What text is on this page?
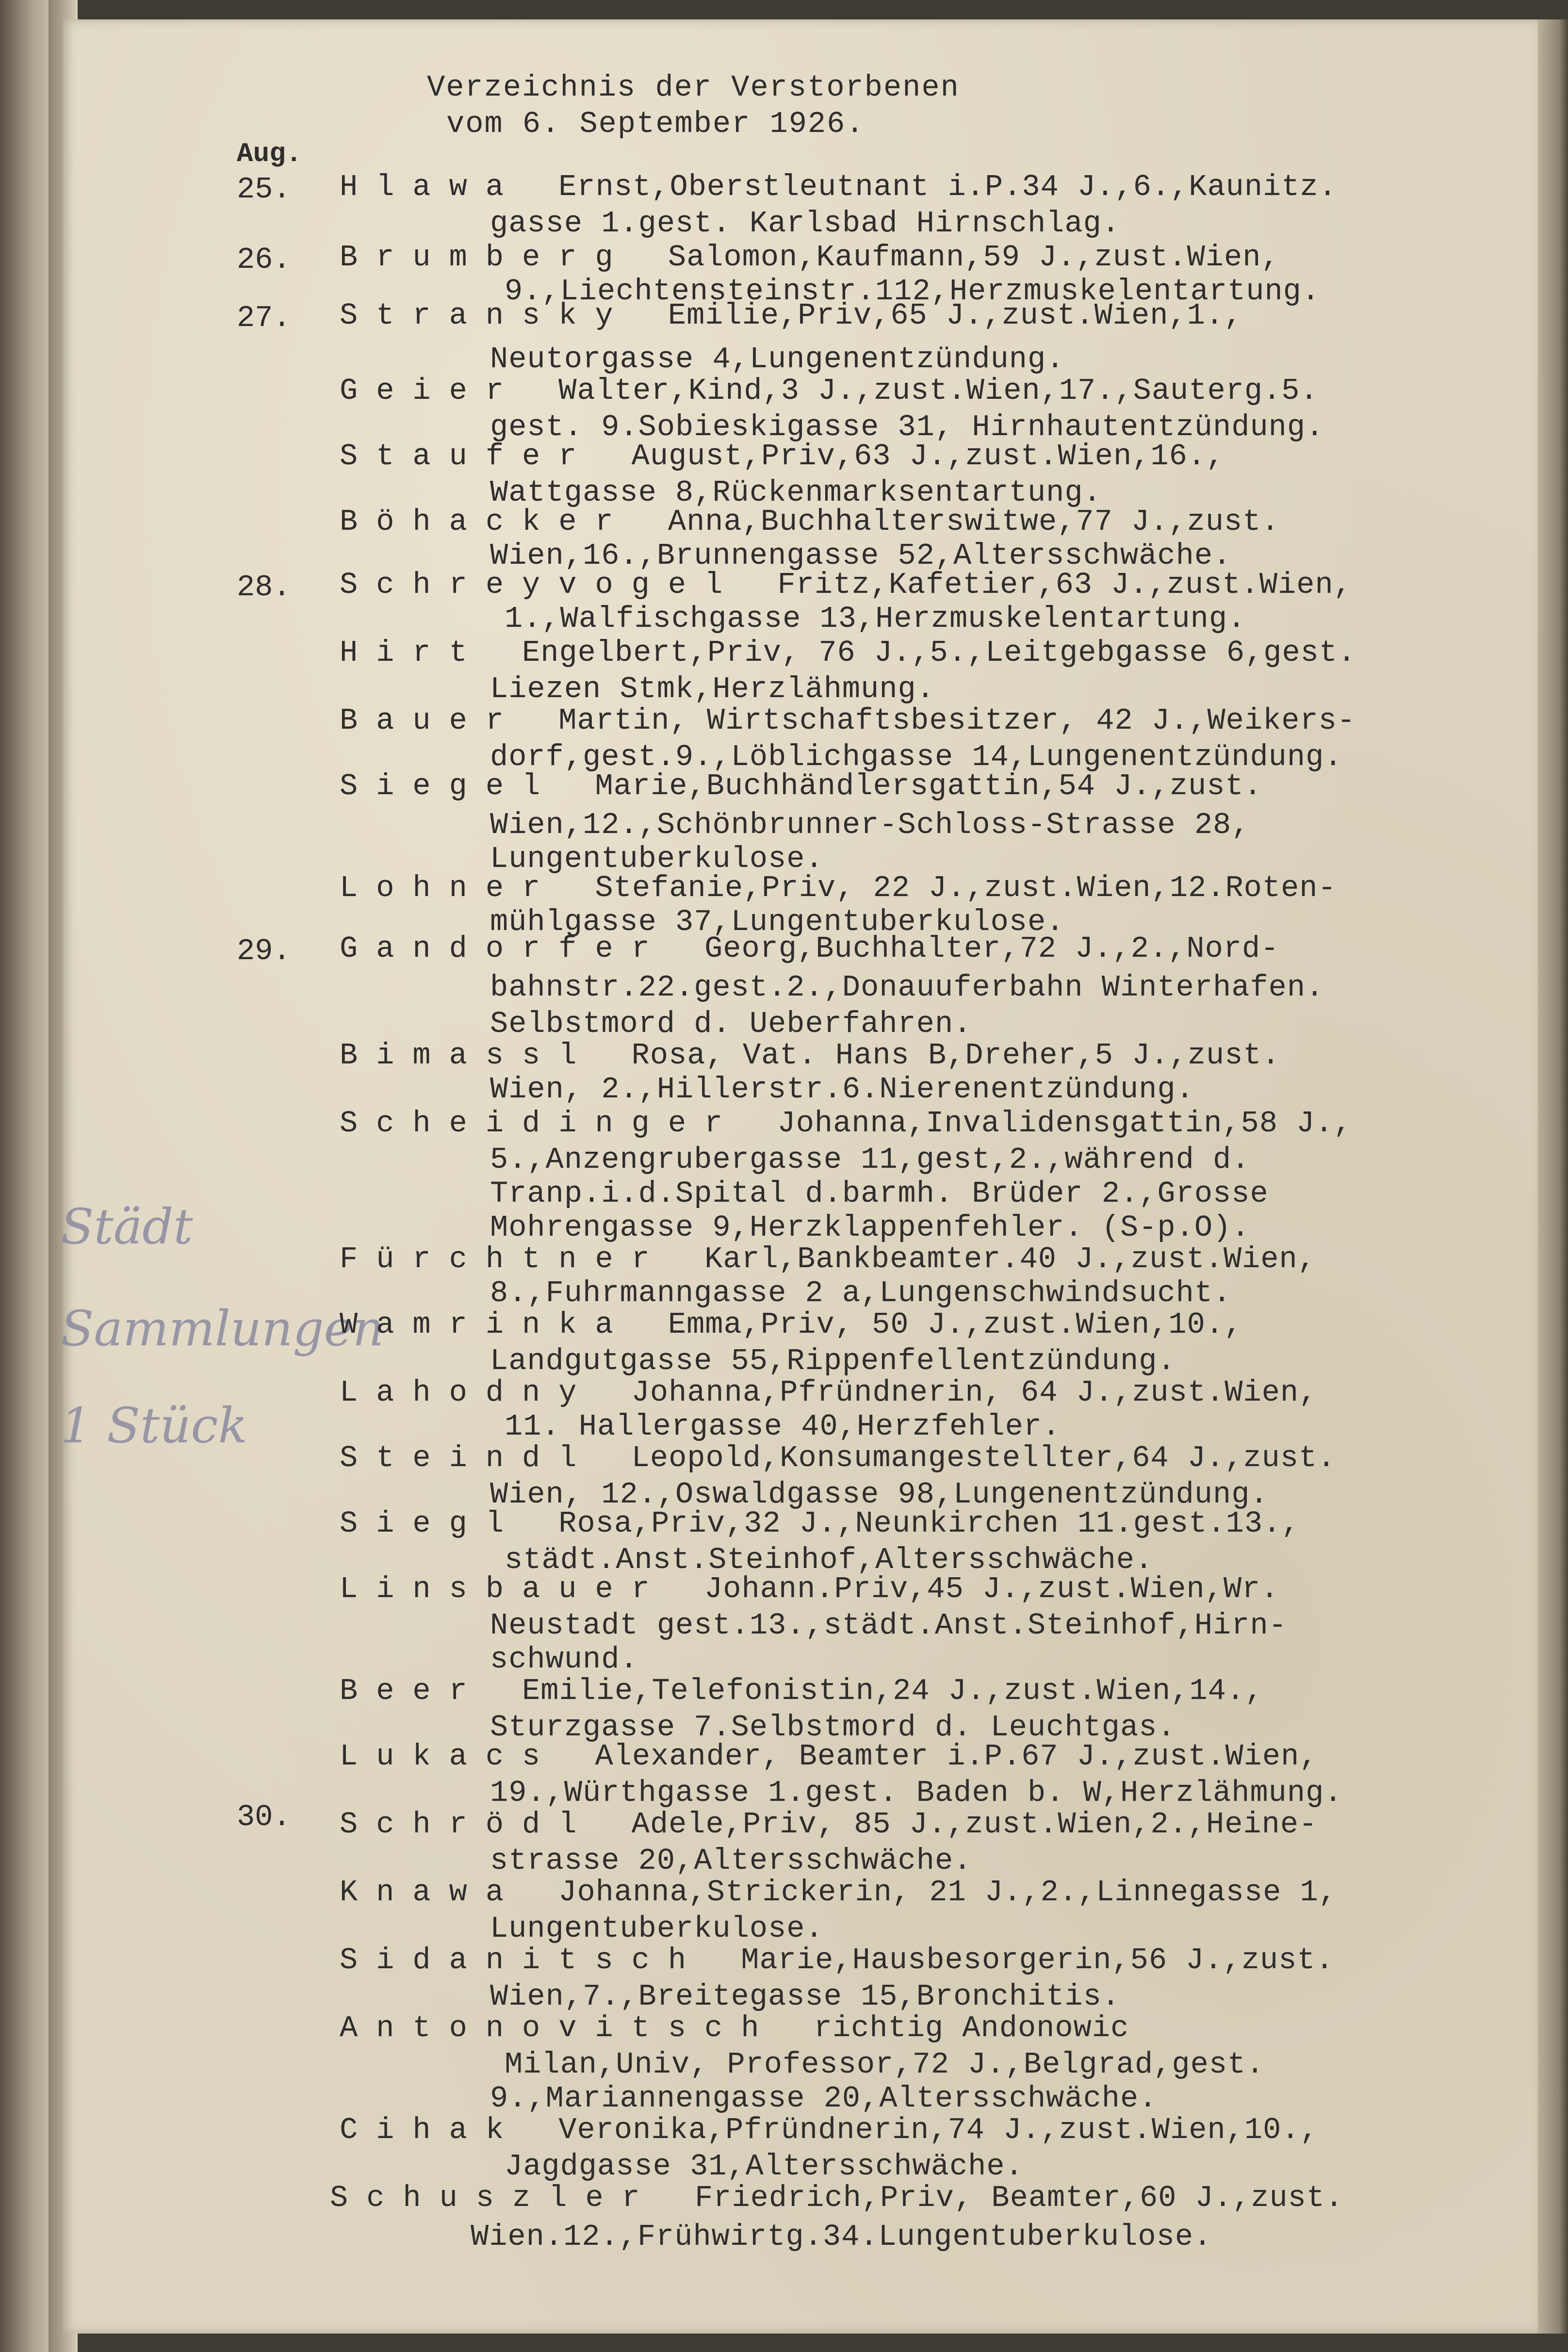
Städt
Sammlungen
1 Stück
Verzeichnis der Verstorbenen
vom 6. September 1926.
Aug.
25.
26.
27.
28.
29.
30.
Hlawa Ernst,Oberstleutnant i.P.34 J.,6.,Kaunitz.
gasse 1.gest. Karlsbad Hirnschlag.
Brumberg Salomon,Kaufmann,59 J.,zust.Wien,
9.,Liechtensteinstr.112,Herzmuskelentartung.
Stransky Emilie,Priv,65 J.,zust.Wien,1.,
Neutorgasse 4,Lungenentzündung.
Geier Walter,Kind,3 J.,zust.Wien,17.,Sauterg.5.
gest. 9.Sobieskigasse 31, Hirnhautentzündung.
Staufer August,Priv,63 J.,zust.Wien,16.,
Wattgasse 8,Rückenmarksentartung.
Böhacker Anna,Buchhalterswitwe,77 J.,zust.
Wien,16.,Brunnengasse 52,Altersschwäche.
Schreyvogel Fritz,Kafetier,63 J.,zust.Wien,
1.,Walfischgasse 13,Herzmuskelentartung.
Hirt Engelbert,Priv, 76 J.,5.,Leitgebgasse 6,gest.
Liezen Stmk,Herzlähmung.
Bauer Martin, Wirtschaftsbesitzer, 42 J.,Weikers-
dorf,gest.9.,Löblichgasse 14,Lungenentzündung.
Siegel Marie,Buchhändlersgattin,54 J.,zust.
Wien,12.,Schönbrunner-Schloss-Strasse 28,
Lungentuberkulose.
Lohner Stefanie,Priv, 22 J.,zust.Wien,12.Roten-
mühlgasse 37,Lungentuberkulose.
Gandorfer Georg,Buchhalter,72 J.,2.,Nord-
bahnstr.22.gest.2.,Donauuferbahn Winterhafen.
Selbstmord d. Ueberfahren.
Bimassl Rosa, Vat. Hans B,Dreher,5 J.,zust.
Wien, 2.,Hillerstr.6.Nierenentzündung.
Scheidinger Johanna,Invalidensgattin,58 J.,
5.,Anzengrubergasse 11,gest,2.,während d.
Tranp.i.d.Spital d.barmh. Brüder 2.,Grosse
Mohrengasse 9,Herzklappenfehler. (S-p.O).
Fürchtner Karl,Bankbeamter.40 J.,zust.Wien,
8.,Fuhrmanngasse 2 a,Lungenschwindsucht.
Wamrinka Emma,Priv, 50 J.,zust.Wien,10.,
Landgutgasse 55,Rippenfellentzündung.
Lahodny Johanna,Pfründnerin, 64 J.,zust.Wien,
11. Hallergasse 40,Herzfehler.
Steindl Leopold,Konsumangestellter,64 J.,zust.
Wien, 12.,Oswaldgasse 98,Lungenentzündung.
Siegl Rosa,Priv,32 J.,Neunkirchen 11.gest.13.,
städt.Anst.Steinhof,Altersschwäche.
Linsbauer Johann.Priv,45 J.,zust.Wien,Wr.
Neustadt gest.13.,städt.Anst.Steinhof,Hirn-
schwund.
Beer Emilie,Telefonistin,24 J.,zust.Wien,14.,
Sturzgasse 7.Selbstmord d. Leuchtgas.
Lukacs Alexander, Beamter i.P.67 J.,zust.Wien,
19.,Würthgasse 1.gest. Baden b. W,Herzlähmung.
Schrödl Adele,Priv, 85 J.,zust.Wien,2.,Heine-
strasse 20,Altersschwäche.
Knawa Johanna,Strickerin, 21 J.,2.,Linnegasse 1,
Lungentuberkulose.
Sidanitsch Marie,Hausbesorgerin,56 J.,zust.
Wien,7.,Breitegasse 15,Bronchitis.
Antonovitsch richtig Andonowic
Milan,Univ, Professor,72 J.,Belgrad,gest.
9.,Mariannengasse 20,Altersschwäche.
Cihak Veronika,Pfründnerin,74 J.,zust.Wien,10.,
Jagdgasse 31,Altersschwäche.
Schuszler Friedrich,Priv, Beamter,60 J.,zust.
Wien.12.,Frühwirtg.34.Lungentuberkulose.
